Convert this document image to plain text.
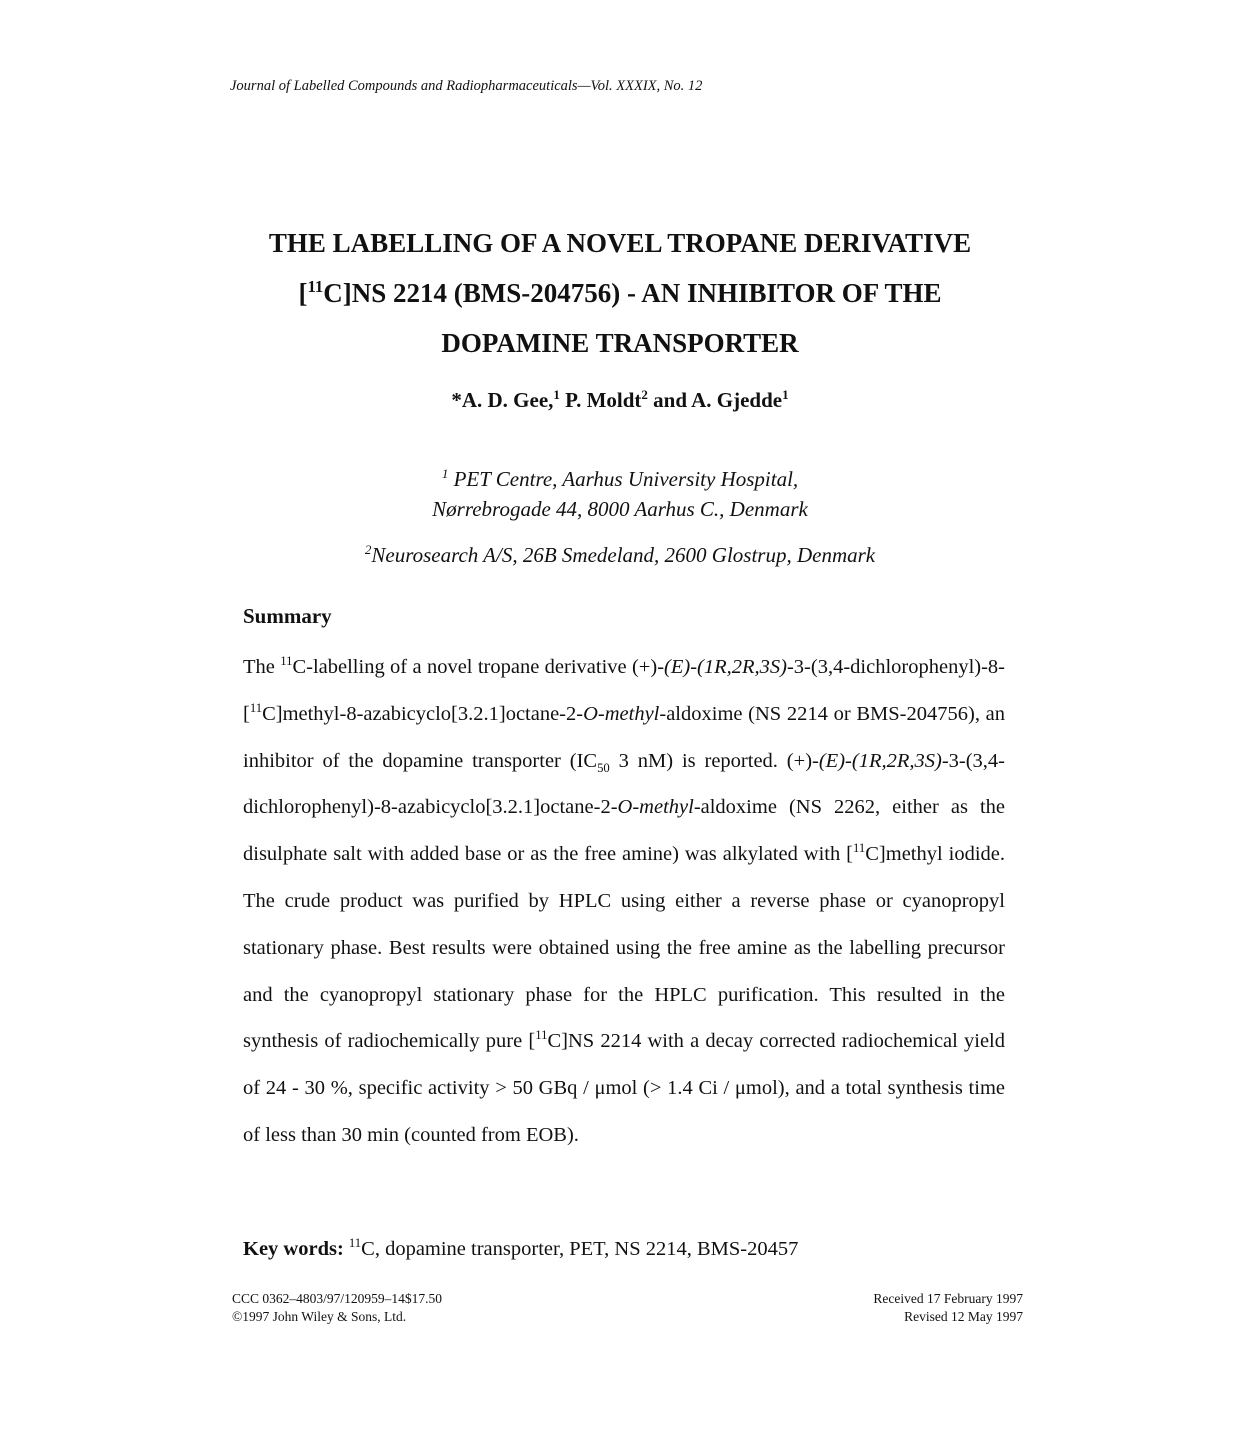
Journal of Labelled Compounds and Radiopharmaceuticals—Vol. XXXIX, No. 12
THE LABELLING OF A NOVEL TROPANE DERIVATIVE
[$^{11}$C]NS 2214 (BMS-204756) - AN INHIBITOR OF THE
DOPAMINE TRANSPORTER
*A. D. Gee,$^1$ P. Moldt$^2$ and A. Gjedde$^1$
$^1$ PET Centre, Aarhus University Hospital,
Nørrebrogade 44, 8000 Aarhus C., Denmark
$^2$Neurosearch A/S, 26B Smedeland, 2600 Glostrup, Denmark
Summary

The $^{11}$C-labelling of a novel tropane derivative (+)-(E)-(1R,2R,3S)-3-(3,4-dichlorophenyl)-8-[$^{11}$C]methyl-8-azabicyclo[3.2.1]octane-2-O-methyl-aldoxime (NS 2214 or BMS-204756), an inhibitor of the dopamine transporter ($IC_{50}$ 3 nM) is reported. (+)-(E)-(1R,2R,3S)-3-(3,4-dichlorophenyl)-8-azabicyclo[3.2.1]octane-2-O-methyl-aldoxime (NS 2262, either as the disulphate salt with added base or as the free amine) was alkylated with [$^{11}$C]methyl iodide. The crude product was purified by HPLC using either a reverse phase or cyanopropyl stationary phase. Best results were obtained using the free amine as the labelling precursor and the cyanopropyl stationary phase for the HPLC purification. This resulted in the synthesis of radiochemically pure [$^{11}$C]NS 2214 with a decay corrected radiochemical yield of 24 - 30 %, specific activity > 50 GBq / μmol (> 1.4 Ci / μmol), and a total synthesis time of less than 30 min (counted from EOB).

Key words: $^{11}$C, dopamine transporter, PET, NS 2214, BMS-20457
CCC 0362–4803/97/120959–14$17.50
©1997 John Wiley & Sons, Ltd.
Received 17 February 1997
Revised 12 May 1997
